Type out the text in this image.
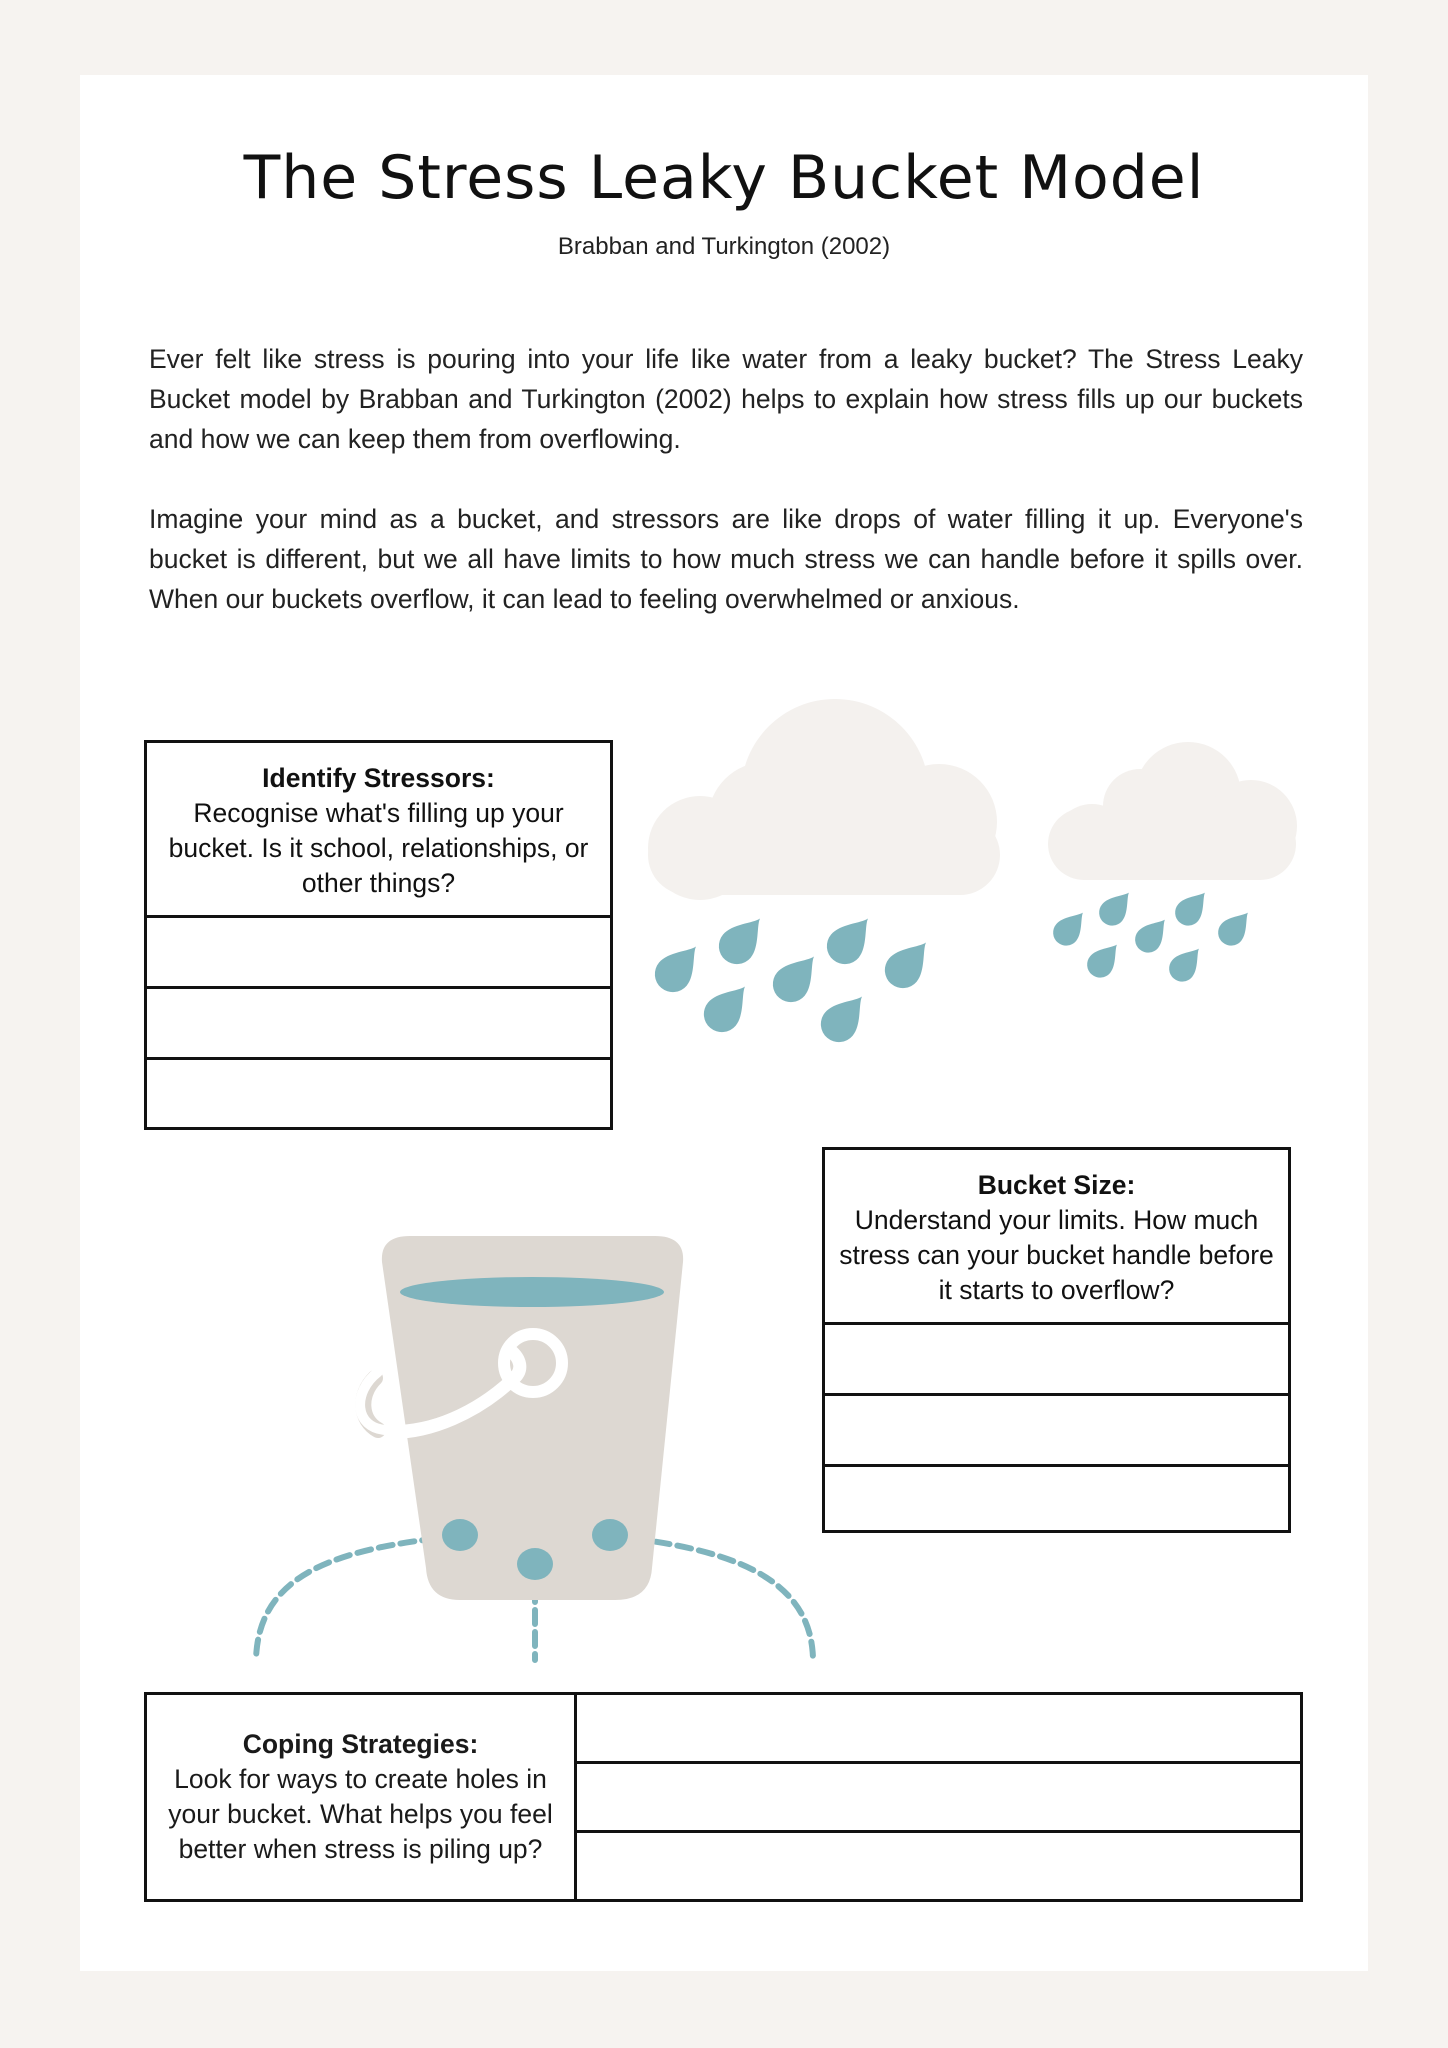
The Stress Leaky Bucket Model
Brabban and Turkington (2002)

Ever felt like stress is pouring into your life like water from a leaky bucket? The Stress Leaky Bucket model by Brabban and Turkington (2002) helps to explain how stress fills up our buckets and how we can keep them from overflowing.

Imagine your mind as a bucket, and stressors are like drops of water filling it up. Everyone's bucket is different, but we all have limits to how much stress we can handle before it spills over. When our buckets overflow, it can lead to feeling overwhelmed or anxious.

Identify Stressors:
Recognise what's filling up your bucket. Is it school, relationships, or other things?
Bucket Size:
Understand your limits. How much stress can your bucket handle before it starts to overflow?
Coping Strategies:
Look for ways to create holes in your bucket. What helps you feel better when stress is piling up?
